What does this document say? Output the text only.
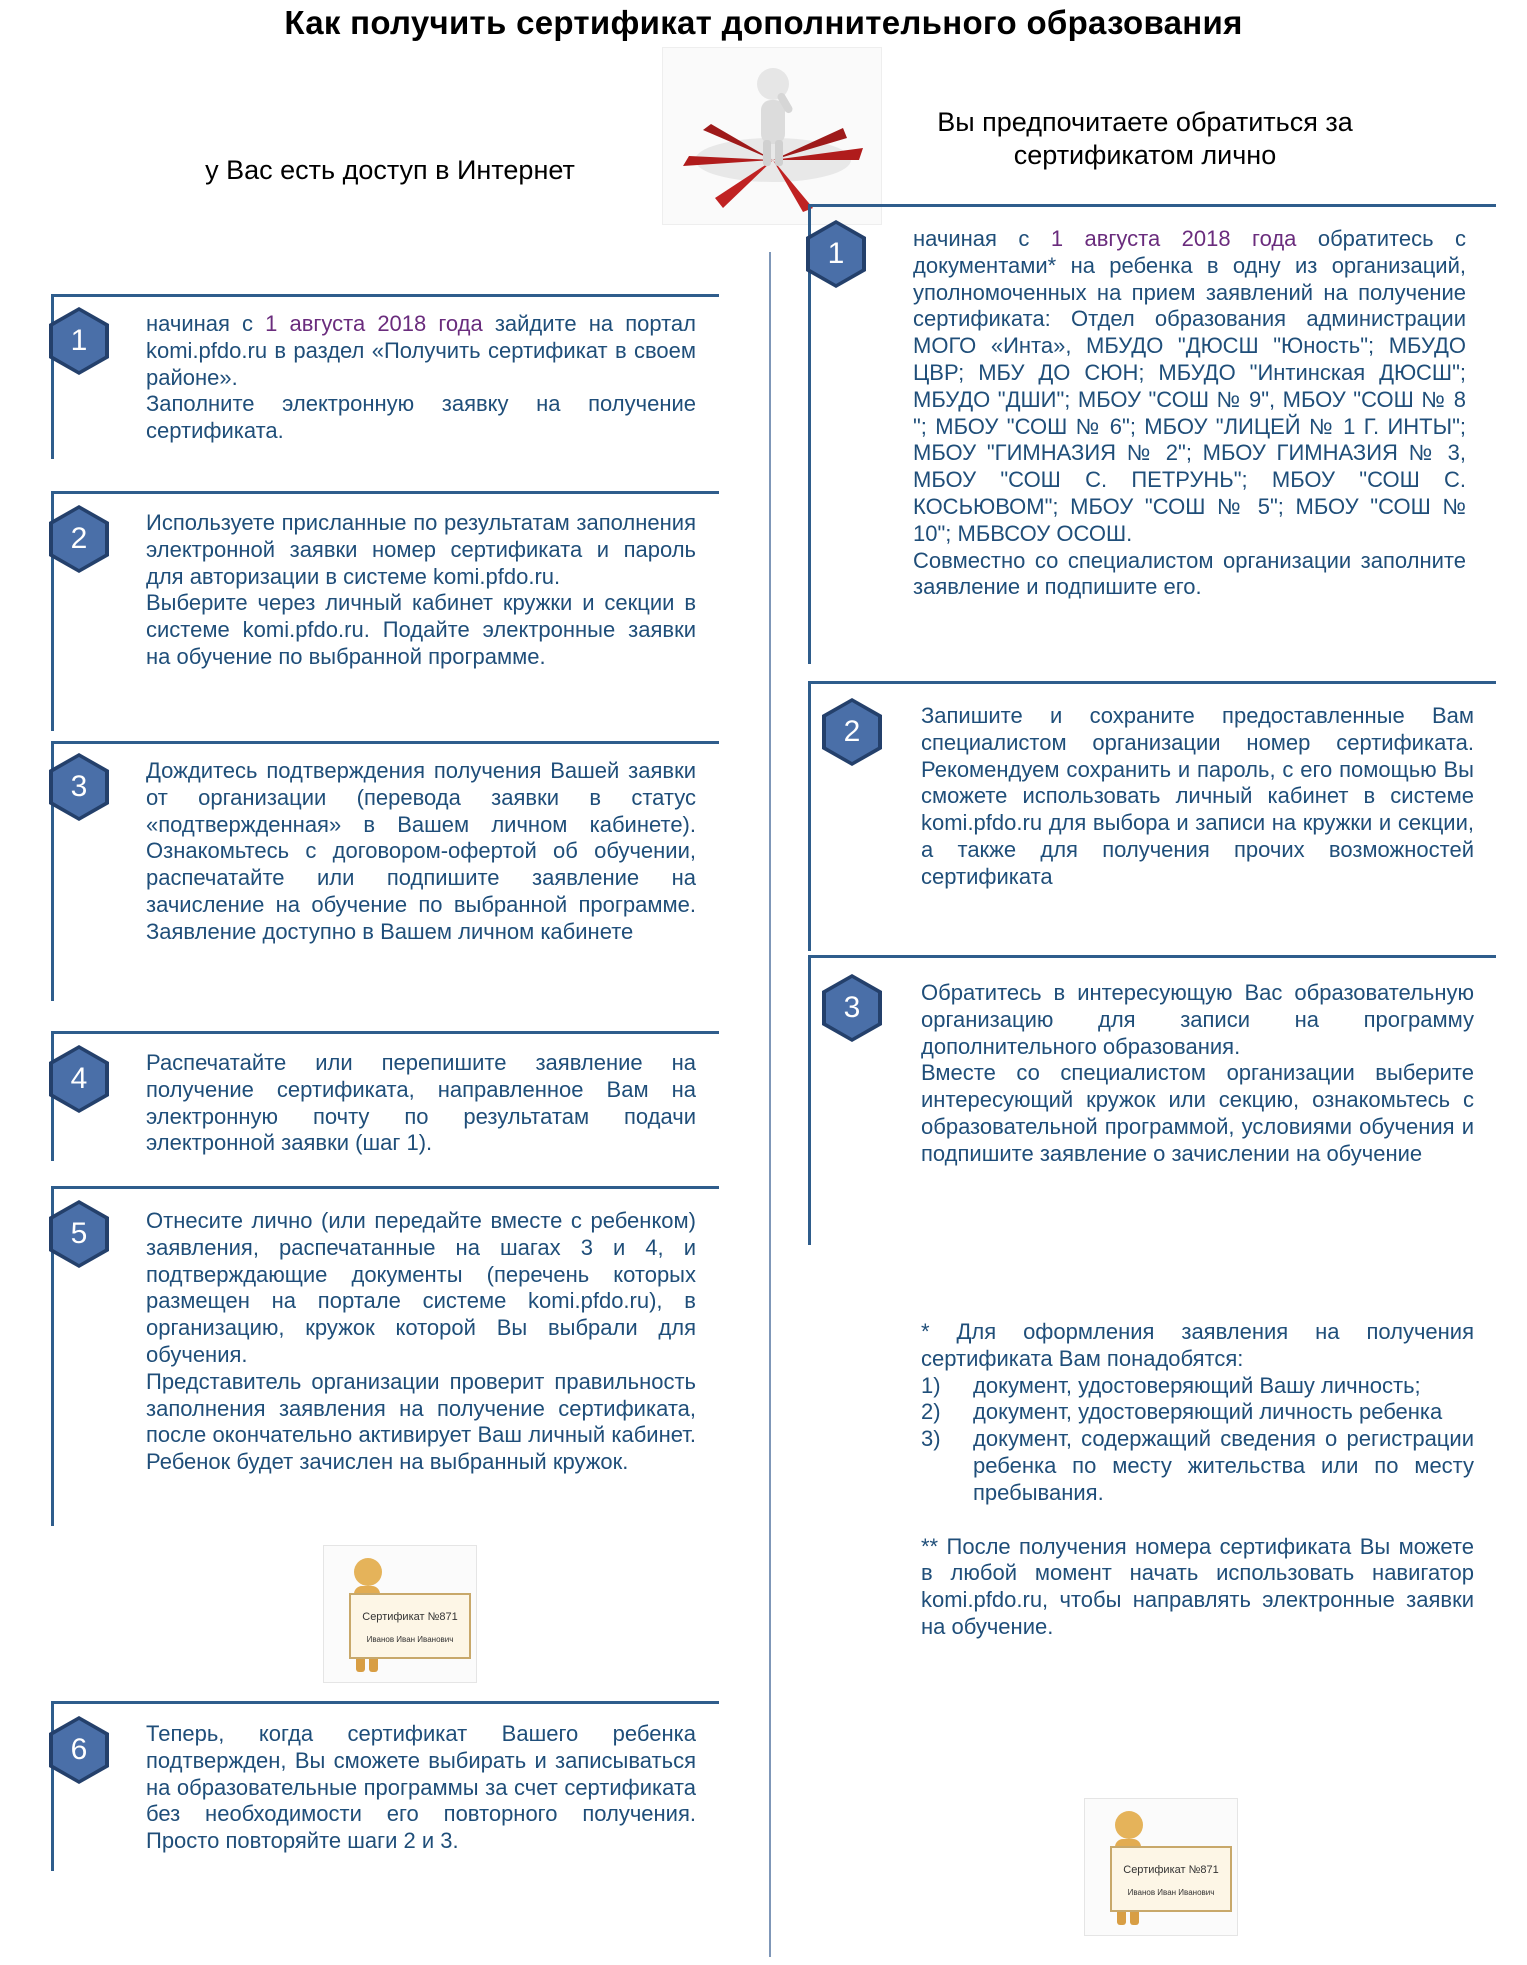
Как получить сертификат дополнительного образования
у Вас есть доступ в Интернет
Вы предпочитаете обратиться за сертификатом лично
1

начиная с 1 августа 2018 года зайдите на портал komi.pfdo.ru в раздел «Получить сертификат в своем районе».

Заполните электронную заявку на получение сертификата.

2	Используете присланные по результатам заполнения электронной заявки номер сертификата и пароль для авторизации в системе komi.pfdo.ru.

Выберите через личный кабинет кружки и секции в системе komi.pfdo.ru. Подайте электронные заявки на обучение по выбранной программе.

3	Дождитесь подтверждения получения Вашей заявки от организации (перевода заявки в статус «подтвержденная» в Вашем личном кабинете). Ознакомьтесь с договором-офертой об обучении, распечатайте или подпишите заявление на зачисление на обучение по выбранной программе. Заявление доступно в Вашем личном кабинете

4	Распечатайте или перепишите заявление на получение сертификата, направленное Вам на электронную почту по результатам подачи электронной заявки (шаг 1).

5	Отнесите лично (или передайте вместе с ребенком) заявления, распечатанные на шагах 3 и 4, и подтверждающие документы (перечень которых размещен на портале системе komi.pfdo.ru), в организацию, кружок которой Вы выбрали для обучения.

Представитель организации проверит правильность заполнения заявления на получение сертификата, после окончательно активирует Ваш личный кабинет. Ребенок будет зачислен на выбранный кружок.

Сертификат №871
Иванов Иван Иванович
6	Теперь, когда сертификат Вашего ребенка подтвержден, Вы сможете выбирать и записываться на образовательные программы за счет сертификата без необходимости его повторного получения. Просто повторяйте шаги 2 и 3.

1	начиная с 1 августа 2018 года обратитесь с документами* на ребенка в одну из организаций, уполномоченных на прием заявлений на получение сертификата: Отдел образования администрации МОГО «Инта», МБУДО "ДЮСШ "Юность"; МБУДО ЦВР; МБУ ДО СЮН; МБУДО "Интинская ДЮСШ"; МБУДО "ДШИ"; МБОУ "СОШ № 9", МБОУ "СОШ № 8 "; МБОУ "СОШ № 6"; МБОУ "ЛИЦЕЙ № 1 Г. ИНТЫ"; МБОУ "ГИМНАЗИЯ № 2"; МБОУ ГИМНАЗИЯ № 3, МБОУ "СОШ С. ПЕТРУНЬ"; МБОУ "СОШ С. КОСЬЮВОМ"; МБОУ "СОШ № 5"; МБОУ "СОШ № 10"; МБВСОУ ОСОШ.

Совместно со специалистом организации заполните заявление и подпишите его.

2	Запишите и сохраните предоставленные Вам специалистом организации номер сертификата. Рекомендуем сохранить и пароль, с его помощью Вы сможете использовать личный кабинет в системе komi.pfdo.ru для выбора и записи на кружки и секции, а также для получения прочих возможностей сертификата

3	Обратитесь в интересующую Вас образовательную организацию для записи на программу дополнительного образования.

Вместе со специалистом организации выберите интересующий кружок или секцию, ознакомьтесь с образовательной программой, условиями обучения и подпишите заявление о зачислении на обучение

* Для оформления заявления на получения сертификата Вам понадобятся:

1)	документ, удостоверяющий Вашу личность;
2)	документ, удостоверяющий личность ребенка
3)	документ, содержащий сведения о регистрации ребенка по месту жительства или по месту пребывания.

** После получения номера сертификата Вы можете в любой момент начать использовать навигатор komi.pfdo.ru, чтобы направлять электронные заявки на обучение.

Сертификат №871
Иванов Иван Иванович
